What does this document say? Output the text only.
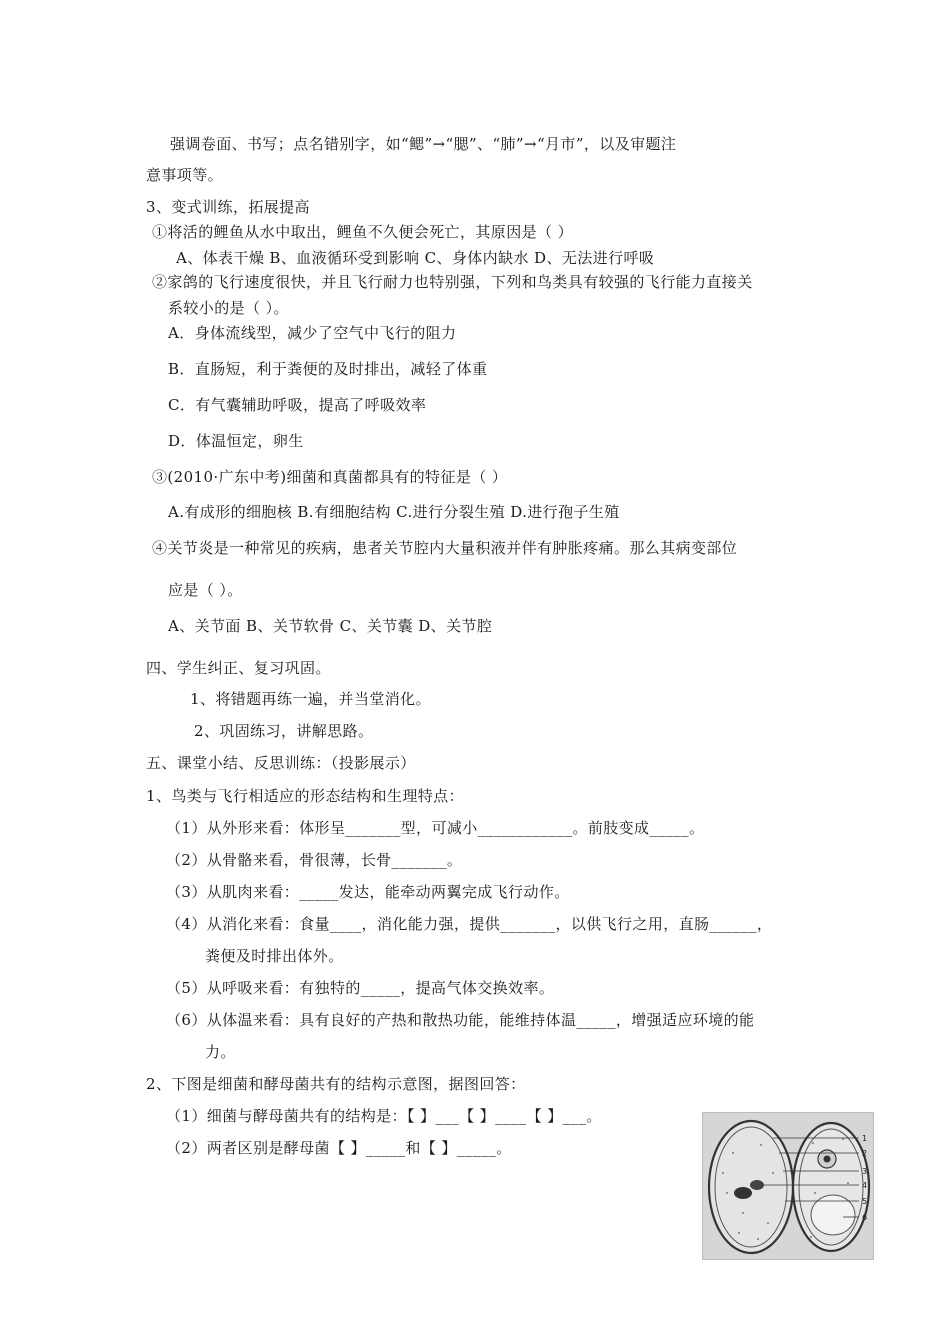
强调卷面、书写；点名错别字，如“鳃”→“腮”、“肺”→“月市”，以及审题注
意事项等。
3、变式训练，拓展提高
①将活的鲤鱼从水中取出，鲤鱼不久便会死亡，其原因是（ ）
A、体表干燥 B、血液循环受到影响 C、身体内缺水 D、无法进行呼吸
②家鸽的飞行速度很快，并且飞行耐力也特别强，下列和鸟类具有较强的飞行能力直接关
系较小的是（ ）。
A．身体流线型，减少了空气中飞行的阻力
B．直肠短，利于粪便的及时排出，减轻了体重
C．有气囊辅助呼吸，提高了呼吸效率
D．体温恒定，卵生
③(2010·广东中考)细菌和真菌都具有的特征是（ ）
A.有成形的细胞核 B.有细胞结构 C.进行分裂生殖 D.进行孢子生殖
④关节炎是一种常见的疾病，患者关节腔内大量积液并伴有肿胀疼痛。那么其病变部位
应是（ ）。
A、关节面 B、关节软骨 C、关节囊 D、关节腔
四、学生纠正、复习巩固。
1、将错题再练一遍，并当堂消化。
2、巩固练习，讲解思路。
五、课堂小结、反思训练：（投影展示）
1、鸟类与飞行相适应的形态结构和生理特点：
（1）从外形来看：体形呈_______型，可减小____________。前肢变成_____。
（2）从骨骼来看，骨很薄，长骨_______。
（3）从肌肉来看：_____发达，能牵动两翼完成飞行动作。
（4）从消化来看：食量____，消化能力强，提供_______，以供飞行之用，直肠______，
粪便及时排出体外。
（5）从呼吸来看：有独特的_____，提高气体交换效率。
（6）从体温来看：具有良好的产热和散热功能，能维持体温_____，增强适应环境的能
力。
2、下图是细菌和酵母菌共有的结构示意图，据图回答：
（1）细菌与酵母菌共有的结构是：【 】___【 】____【 】___。
（2）两者区别是酵母菌【 】_____和【 】_____。
1
2
3
4
5
6
